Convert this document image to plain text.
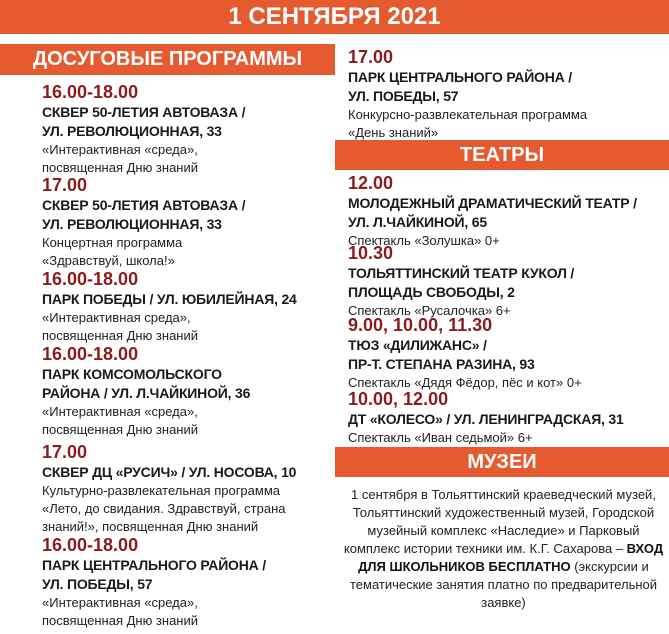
1 СЕНТЯБРЯ 2021
ДОСУГОВЫЕ ПРОГРАММЫ
ТЕАТРЫ
МУЗЕИ
16.00-18.00
СКВЕР 50-ЛЕТИЯ АВТОВАЗА /
УЛ. РЕВОЛЮЦИОННАЯ, 33
«Интерактивная «среда»,
посвященная Дню знаний
17.00
СКВЕР 50-ЛЕТИЯ АВТОВАЗА /
УЛ. РЕВОЛЮЦИОННАЯ, 33
Концертная программа
«Здравствуй, школа!»
16.00-18.00
ПАРК ПОБЕДЫ / УЛ. ЮБИЛЕЙНАЯ, 24
«Интерактивная среда»,
посвященная Дню знаний
16.00-18.00
ПАРК КОМСОМОЛЬСКОГО
РАЙОНА / УЛ. Л.ЧАЙКИНОЙ, 36
«Интерактивная «среда»,
посвященная Дню знаний
17.00
СКВЕР ДЦ «РУСИЧ» / УЛ. НОСОВА, 10
Культурно-развлекательная программа
«Лето, до свидания. Здравствуй, страна
знаний!», посвященная Дню знаний
16.00-18.00
ПАРК ЦЕНТРАЛЬНОГО РАЙОНА /
УЛ. ПОБЕДЫ, 57
«Интерактивная «среда»,
посвященная Дню знаний
17.00
ПАРК ЦЕНТРАЛЬНОГО РАЙОНА /
УЛ. ПОБЕДЫ, 57
Конкурсно-развлекательная программа
«День знаний»
12.00
МОЛОДЕЖНЫЙ ДРАМАТИЧЕСКИЙ ТЕАТР /
УЛ. Л.ЧАЙКИНОЙ, 65
Спектакль «Золушка» 0+
10.30
ТОЛЬЯТТИНСКИЙ ТЕАТР КУКОЛ /
ПЛОЩАДЬ СВОБОДЫ, 2
Спектакль «Русалочка» 6+
9.00, 10.00, 11.30
ТЮЗ «ДИЛИЖАНС» /
ПР-Т. СТЕПАНА РАЗИНА, 93
Спектакль «Дядя Фёдор, пёс и кот» 0+
10.00, 12.00
ДТ «КОЛЕСО» / УЛ. ЛЕНИНГРАДСКАЯ, 31
Спектакль «Иван седьмой» 6+
1 сентября в Тольяттинский краеведческий музей, Тольяттинский художественный музей, Городской музейный комплекс «Наследие» и Парковый комплекс истории техники им. К.Г. Сахарова – ВХОД ДЛЯ ШКОЛЬНИКОВ БЕСПЛАТНО (экскурсии и тематические занятия платно по предварительной заявке)
